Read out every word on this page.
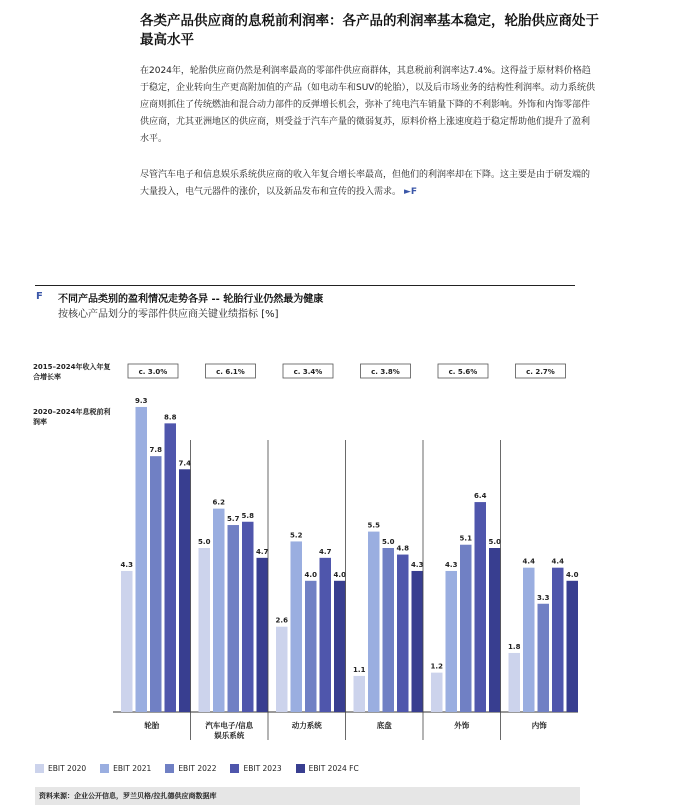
各类产品供应商的息税前利润率：各产品的利润率基本稳定，轮胎供应商处于最高水平
在2024年，轮胎供应商仍然是利润率最高的零部件供应商群体，其息税前利润率达7.4%。这得益于原材料价格趋于稳定，企业转向生产更高附加值的产品（如电动车和SUV的轮胎），以及后市场业务的结构性利润率。动力系统供应商则抓住了传统燃油和混合动力部件的反弹增长机会，弥补了纯电汽车销量下降的不利影响。外饰和内饰零部件供应商，尤其亚洲地区的供应商，则受益于汽车产量的微弱复苏，原料价格上涨速度趋于稳定帮助他们提升了盈利水平。
尽管汽车电子和信息娱乐系统供应商的收入年复合增长率最高，但他们的利润率却在下降。这主要是由于研发端的大量投入，电气元器件的涨价，以及新品发布和宣传的投入需求。 ►F
F 不同产品类别的盈利情况走势各异 -- 轮胎行业仍然最为健康
按核心产品划分的零部件供应商关键业绩指标 [%]
2015–2024年收入年复合增长率
2020–2024年息税前利润率
c. 3.0%
轮胎
4.3
9.3
7.8
8.8
7.4
c. 6.1%
汽车电子/信息娱乐系统
5.0
6.2
5.7 5.8
4.7
c. 3.4%
动力系统
2.6
5.2
4.0
4.7
4.0
c. 3.8%
底盘
1.1
5.5
5.0
4.8
4.3
c. 5.6%
外饰
1.2
4.3
5.1
6.4
5.0
c. 2.7%
内饰
1.8
4.4
3.3
4.4
4.0
EBIT 2020	EBIT 2021	EBIT 2022	EBIT 2023	EBIT 2024 FC
资料来源：企业公开信息，罗兰贝格/拉扎德供应商数据库
